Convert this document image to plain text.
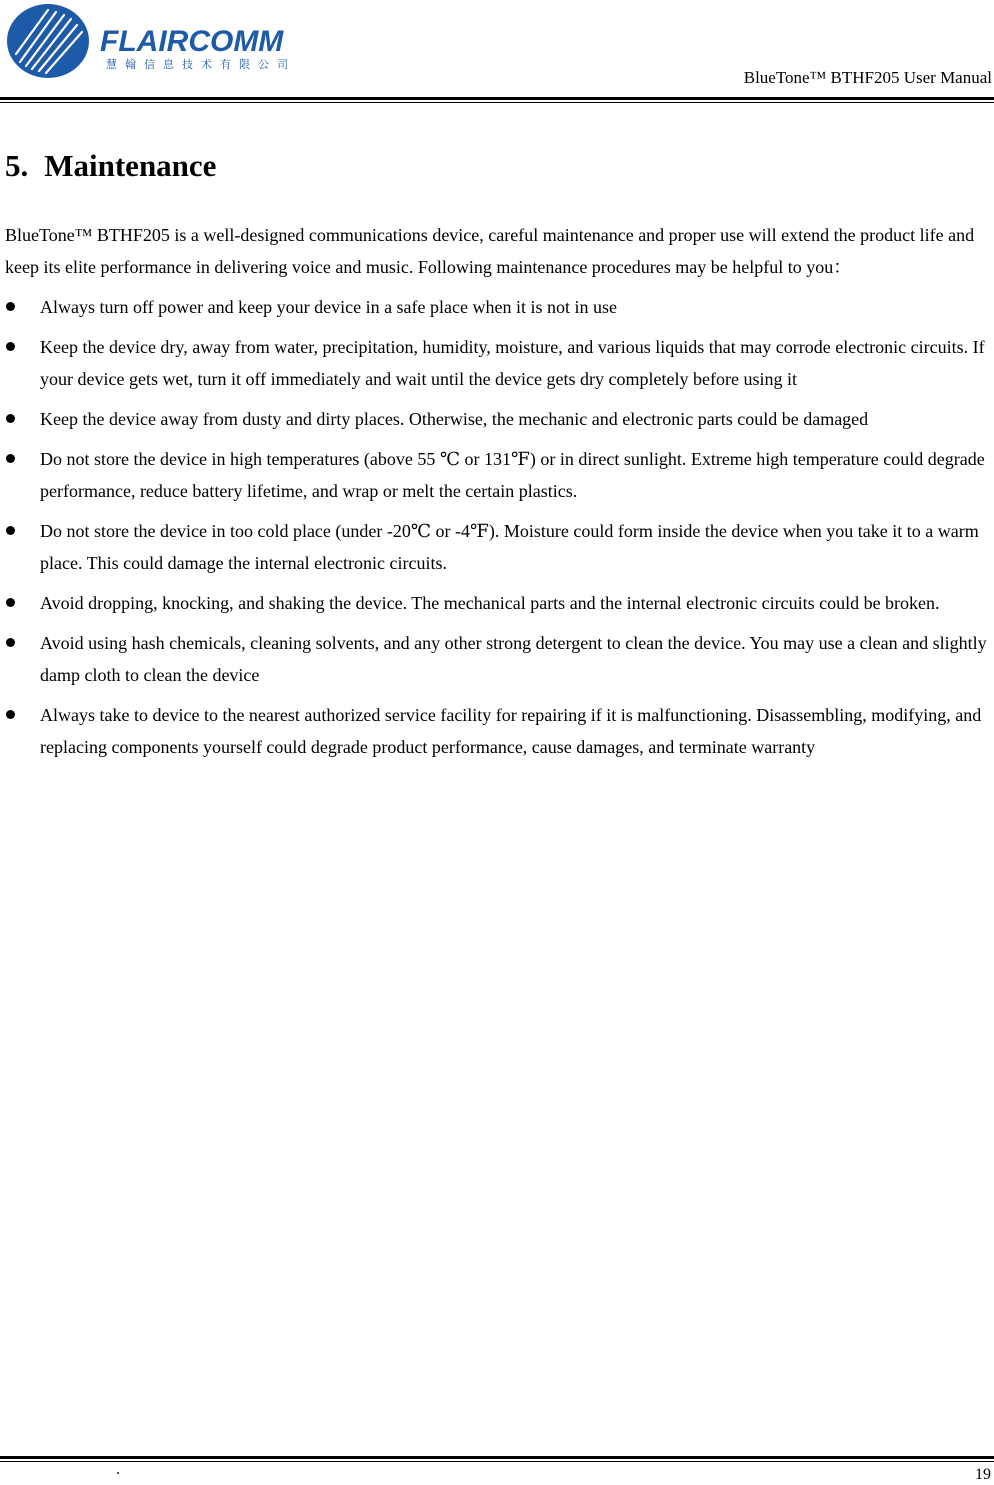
FLAIRCOMM
慧翰信息技术有限公司
BlueTone™ BTHF205 User Manual
5. Maintenance

BlueTone™ BTHF205 is a well-designed communications device, careful maintenance and proper use will extend the product life and keep its elite performance in delivering voice and music. Following maintenance procedures may be helpful to you：

Always turn off power and keep your device in a safe place when it is not in use
Keep the device dry, away from water, precipitation, humidity, moisture, and various liquids that may corrode electronic circuits. If your device gets wet, turn it off immediately and wait until the device gets dry completely before using it
Keep the device away from dusty and dirty places. Otherwise, the mechanic and electronic parts could be damaged
Do not store the device in high temperatures (above 55 ℃ or 131℉) or in direct sunlight. Extreme high temperature could degrade performance, reduce battery lifetime, and wrap or melt the certain plastics.
Do not store the device in too cold place (under -20℃ or -4℉). Moisture could form inside the device when you take it to a warm place. This could damage the internal electronic circuits.
Avoid dropping, knocking, and shaking the device. The mechanical parts and the internal electronic circuits could be broken.
Avoid using hash chemicals, cleaning solvents, and any other strong detergent to clean the device. You may use a clean and slightly damp cloth to clean the device
Always take to device to the nearest authorized service facility for repairing if it is malfunctioning. Disassembling, modifying, and replacing components yourself could degrade product performance, cause damages, and terminate warranty
.	19
